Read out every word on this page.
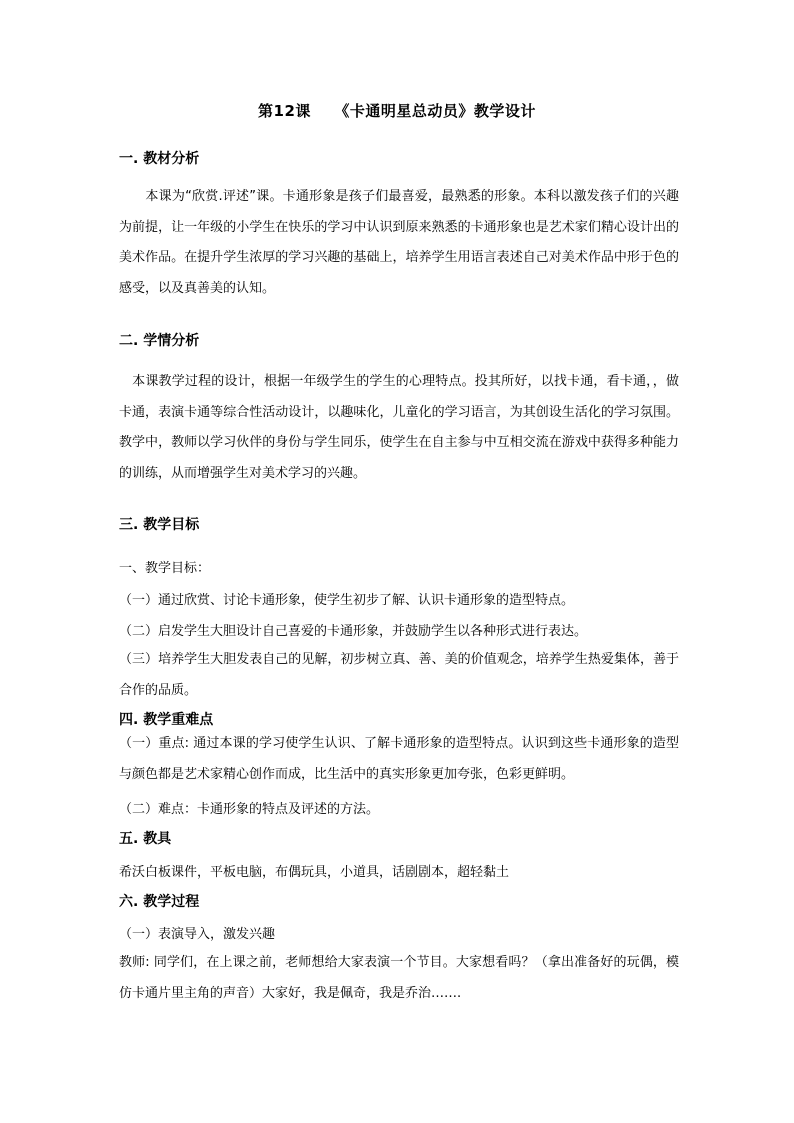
第12课　　《卡通明星总动员》教学设计
一. 教材分析
　　本课为“欣赏.评述”课。卡通形象是孩子们最喜爱，最熟悉的形象。本科以激发孩子们的兴趣为前提，让一年级的小学生在快乐的学习中认识到原来熟悉的卡通形象也是艺术家们精心设计出的美术作品。在提升学生浓厚的学习兴趣的基础上，培养学生用语言表述自己对美术作品中形于色的感受，以及真善美的认知。
二. 学情分析
　本课教学过程的设计，根据一年级学生的学生的心理特点。投其所好，以找卡通，看卡通，，做卡通，表演卡通等综合性活动设计，以趣味化，儿童化的学习语言，为其创设生活化的学习氛围。教学中，教师以学习伙伴的身份与学生同乐，使学生在自主参与中互相交流在游戏中获得多种能力的训练，从而增强学生对美术学习的兴趣。
三. 教学目标
一、教学目标：
（一）通过欣赏、讨论卡通形象，使学生初步了解、认识卡通形象的造型特点。
（二）启发学生大胆设计自己喜爱的卡通形象，并鼓励学生以各种形式进行表达。
（三）培养学生大胆发表自己的见解，初步树立真、善、美的价值观念，培养学生热爱集体，善于合作的品质。
四. 教学重难点
（一）重点: 通过本课的学习使学生认识、了解卡通形象的造型特点。认识到这些卡通形象的造型与颜色都是艺术家精心创作而成，比生活中的真实形象更加夸张，色彩更鲜明。
（二）难点：卡通形象的特点及评述的方法。
五. 教具
希沃白板课件，平板电脑，布偶玩具，小道具，话剧剧本，超轻黏土
六. 教学过程
（一）表演导入，激发兴趣
教师: 同学们，在上课之前，老师想给大家表演一个节目。大家想看吗？（拿出准备好的玩偶，模仿卡通片里主角的声音）大家好，我是佩奇，我是乔治…….
